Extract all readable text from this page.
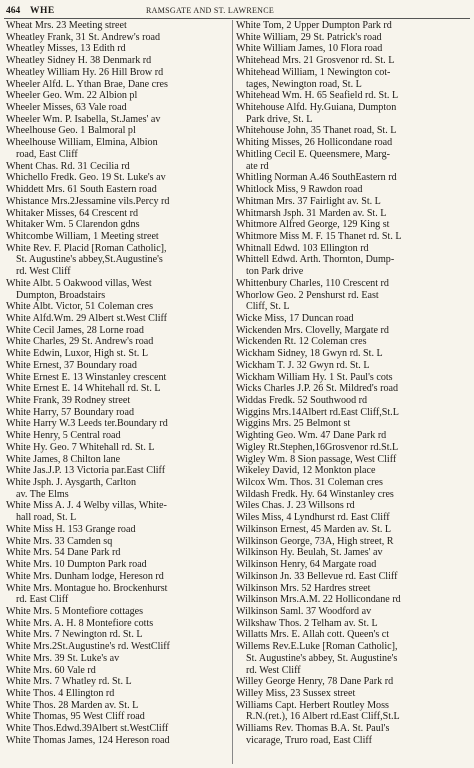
464 WHE	RAMSGATE AND ST. LAWRENCE
Wheat Mrs. 23 Meeting street
Wheatley Frank, 31 St. Andrew's road
Wheatley Misses, 13 Edith rd
Wheatley Sidney H. 38 Denmark rd
Wheatley William Hy. 26 Hill Brow rd
Wheeler Alfd. L. Ythan Brae, Dane cres
Wheeler Geo. Wm. 22 Albion pl
Wheeler Misses, 63 Vale road
Wheeler Wm. P. Isabella, St.James' av
Wheelhouse Geo. 1 Balmoral pl
Wheelhouse William, Elmina, Albion
road, East Cliff
Whent Chas. Rd. 31 Cecilia rd
Whichello Fredk. Geo. 19 St. Luke's av
Whiddett Mrs. 61 South Eastern road
Whistance Mrs.2Jessamine vils.Percy rd
Whitaker Misses, 64 Crescent rd
Whitaker Wm. 5 Clarendon gdns
Whitcombe William, 1 Meeting street
White Rev. F. Placid [Roman Catholic],
St. Augustine's abbey,St.Augustine's
rd. West Cliff
White Albt. 5 Oakwood villas, West
Dumpton, Broadstairs
White Albt. Victor, 51 Coleman cres
White Alfd.Wm. 29 Albert st.West Cliff
White Cecil James, 28 Lorne road
White Charles, 29 St. Andrew's road
White Edwin, Luxor, High st. St. L
White Ernest, 37 Boundary road
White Ernest E. 13 Winstanley crescent
White Ernest E. 14 Whitehall rd. St. L
White Frank, 39 Rodney street
White Harry, 57 Boundary road
White Harry W.3 Leeds ter.Boundary rd
White Henry, 5 Central road
White Hy. Geo. 7 Whitehall rd. St. L
White James, 8 Chilton lane
White Jas.J.P. 13 Victoria par.East Cliff
White Jsph. J. Aysgarth, Carlton
av. The Elms
White Miss A. J. 4 Welby villas, White-
hall road, St. L
White Miss H. 153 Grange road
White Mrs. 33 Camden sq
White Mrs. 54 Dane Park rd
White Mrs. 10 Dumpton Park road
White Mrs. Dunham lodge, Hereson rd
White Mrs. Montague ho. Brockenhurst
rd. East Cliff
White Mrs. 5 Montefiore cottages
White Mrs. A. H. 8 Montefiore cotts
White Mrs. 7 Newington rd. St. L
White Mrs.2St.Augustine's rd. WestCliff
White Mrs. 39 St. Luke's av
White Mrs. 60 Vale rd
White Mrs. 7 Whatley rd. St. L
White Thos. 4 Ellington rd
White Thos. 28 Marden av. St. L
White Thomas, 95 West Cliff road
White Thos.Edwd.39Albert st.WestCliff
White Thomas James, 124 Hereson road
White Tom, 2 Upper Dumpton Park rd
White William, 29 St. Patrick's road
White William James, 10 Flora road
Whitehead Mrs. 21 Grosvenor rd. St. L
Whitehead William, 1 Newington cot-
tages, Newington road, St. L
Whitehead Wm. H. 65 Seafield rd. St. L
Whitehouse Alfd. Hy.Guiana, Dumpton
Park drive, St. L
Whitehouse John, 35 Thanet road, St. L
Whiting Misses, 26 Hollicondane road
Whitling Cecil E. Queensmere, Marg-
ate rd
Whitling Norman A.46 SouthEastern rd
Whitlock Miss, 9 Rawdon road
Whitman Mrs. 37 Fairlight av. St. L
Whitmarsh Jsph. 31 Marden av. St. L
Whitmore Alfred George, 129 King st
Whitmore Miss M. F. 15 Thanet rd. St. L
Whitnall Edwd. 103 Ellington rd
Whittell Edwd. Arth. Thornton, Dump-
ton Park drive
Whittenbury Charles, 110 Crescent rd
Whorlow Geo. 2 Penshurst rd. East
Cliff, St. L
Wicke Miss, 17 Duncan road
Wickenden Mrs. Clovelly, Margate rd
Wickenden Rt. 12 Coleman cres
Wickham Sidney, 18 Gwyn rd. St. L
Wickham T. J. 32 Gwyn rd. St. L
Wickham William Hy. 1 St. Paul's cots
Wicks Charles J.P. 26 St. Mildred's road
Widdas Fredk. 52 Southwood rd
Wiggins Mrs.14Albert rd.East Cliff,St.L
Wiggins Mrs. 25 Belmont st
Wighting Geo. Wm. 47 Dane Park rd
Wigley Rt.Stephen,16Grosvenor rd.St.L
Wigley Wm. 8 Sion passage, West Cliff
Wikeley David, 12 Monkton place
Wilcox Wm. Thos. 31 Coleman cres
Wildash Fredk. Hy. 64 Winstanley cres
Wiles Chas. J. 23 Willsons rd
Wiles Miss, 4 Lyndhurst rd. East Cliff
Wilkinson Ernest, 45 Marden av. St. L
Wilkinson George, 73A, High street, R
Wilkinson Hy. Beulah, St. James' av
Wilkinson Henry, 64 Margate road
Wilkinson Jn. 33 Bellevue rd. East Cliff
Wilkinson Mrs. 52 Hardres street
Wilkinson Mrs.A.M. 22 Hollicondane rd
Wilkinson Saml. 37 Woodford av
Wilkshaw Thos. 2 Telham av. St. L
Willatts Mrs. E. Allah cott. Queen's ct
Willems Rev.E.Luke [Roman Catholic],
St. Augustine's abbey, St. Augustine's
rd. West Cliff
Willey George Henry, 78 Dane Park rd
Willey Miss, 23 Sussex street
Williams Capt. Herbert Routley Moss
R.N.(ret.), 16 Albert rd.East Cliff,St.L
Williams Rev. Thomas B.A. St. Paul's
vicarage, Truro road, East Cliff
